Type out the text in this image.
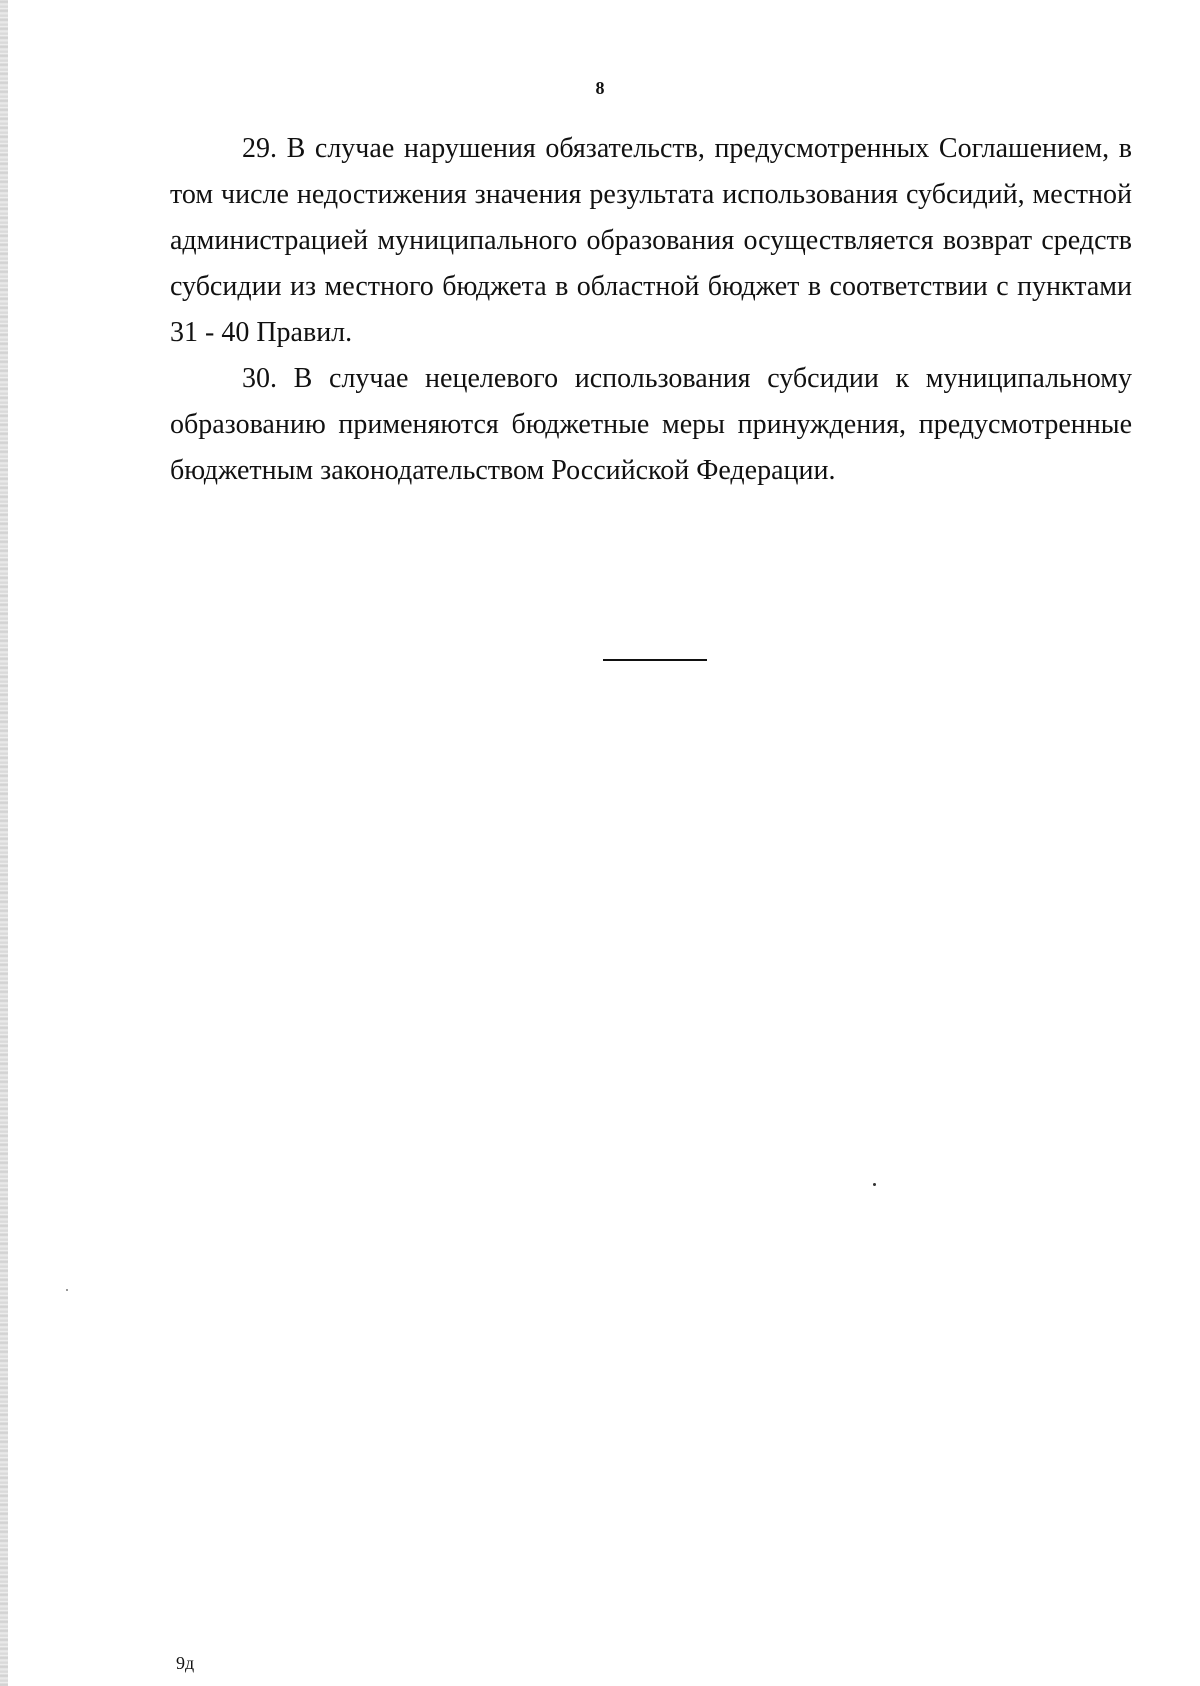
8

29. В случае нарушения обязательств, предусмотренных Соглашением, в том числе недостижения значения результата использования субсидий, местной администрацией муниципального образования осуществляется возврат средств субсидии из местного бюджета в областной бюджет в соответствии с пунктами 31 - 40 Правил.

30. В случае нецелевого использования субсидии к муниципальному образованию применяются бюджетные меры принуждения, предусмотренные бюджетным законодательством Российской Федерации.

9д
